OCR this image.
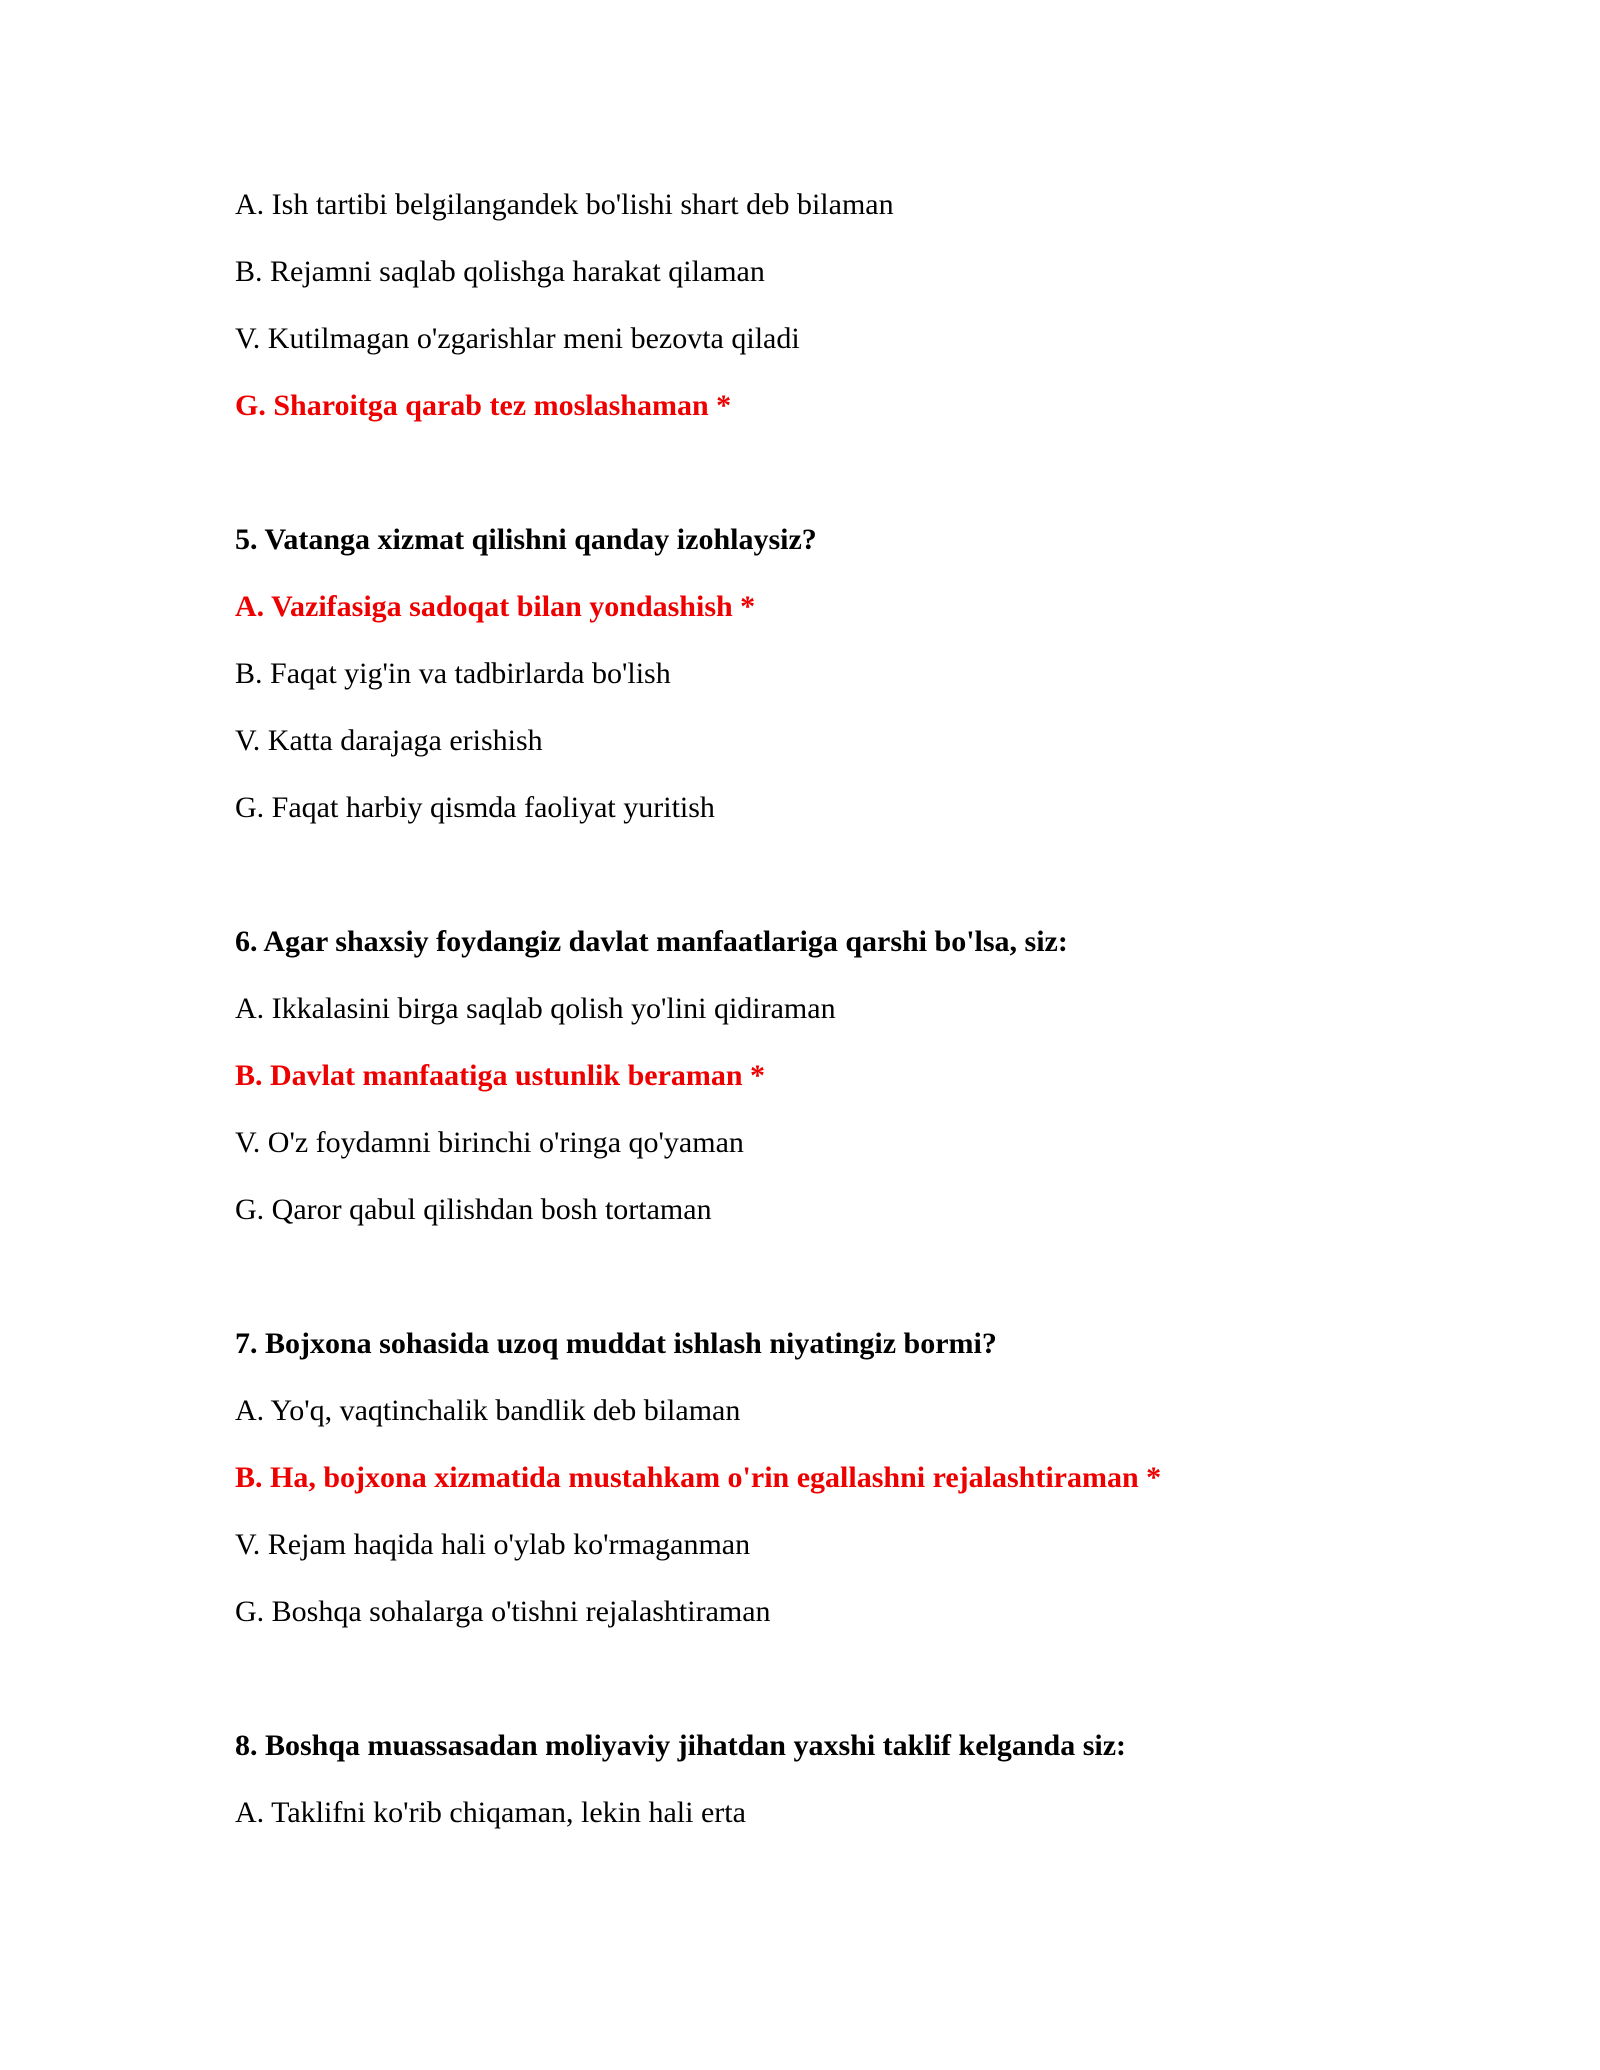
A. Ish tartibi belgilangandek bo'lishi shart deb bilaman
B. Rejamni saqlab qolishga harakat qilaman
V. Kutilmagan o'zgarishlar meni bezovta qiladi
G. Sharoitga qarab tez moslashaman *
5. Vatanga xizmat qilishni qanday izohlaysiz?
A. Vazifasiga sadoqat bilan yondashish *
B. Faqat yig'in va tadbirlarda bo'lish
V. Katta darajaga erishish
G. Faqat harbiy qismda faoliyat yuritish
6. Agar shaxsiy foydangiz davlat manfaatlariga qarshi bo'lsa, siz:
A. Ikkalasini birga saqlab qolish yo'lini qidiraman
B. Davlat manfaatiga ustunlik beraman *
V. O'z foydamni birinchi o'ringa qo'yaman
G. Qaror qabul qilishdan bosh tortaman
7. Bojxona sohasida uzoq muddat ishlash niyatingiz bormi?
A. Yo'q, vaqtinchalik bandlik deb bilaman
B. Ha, bojxona xizmatida mustahkam o'rin egallashni rejalashtiraman *
V. Rejam haqida hali o'ylab ko'rmaganman
G. Boshqa sohalarga o'tishni rejalashtiraman
8. Boshqa muassasadan moliyaviy jihatdan yaxshi taklif kelganda siz:
A. Taklifni ko'rib chiqaman, lekin hali erta
